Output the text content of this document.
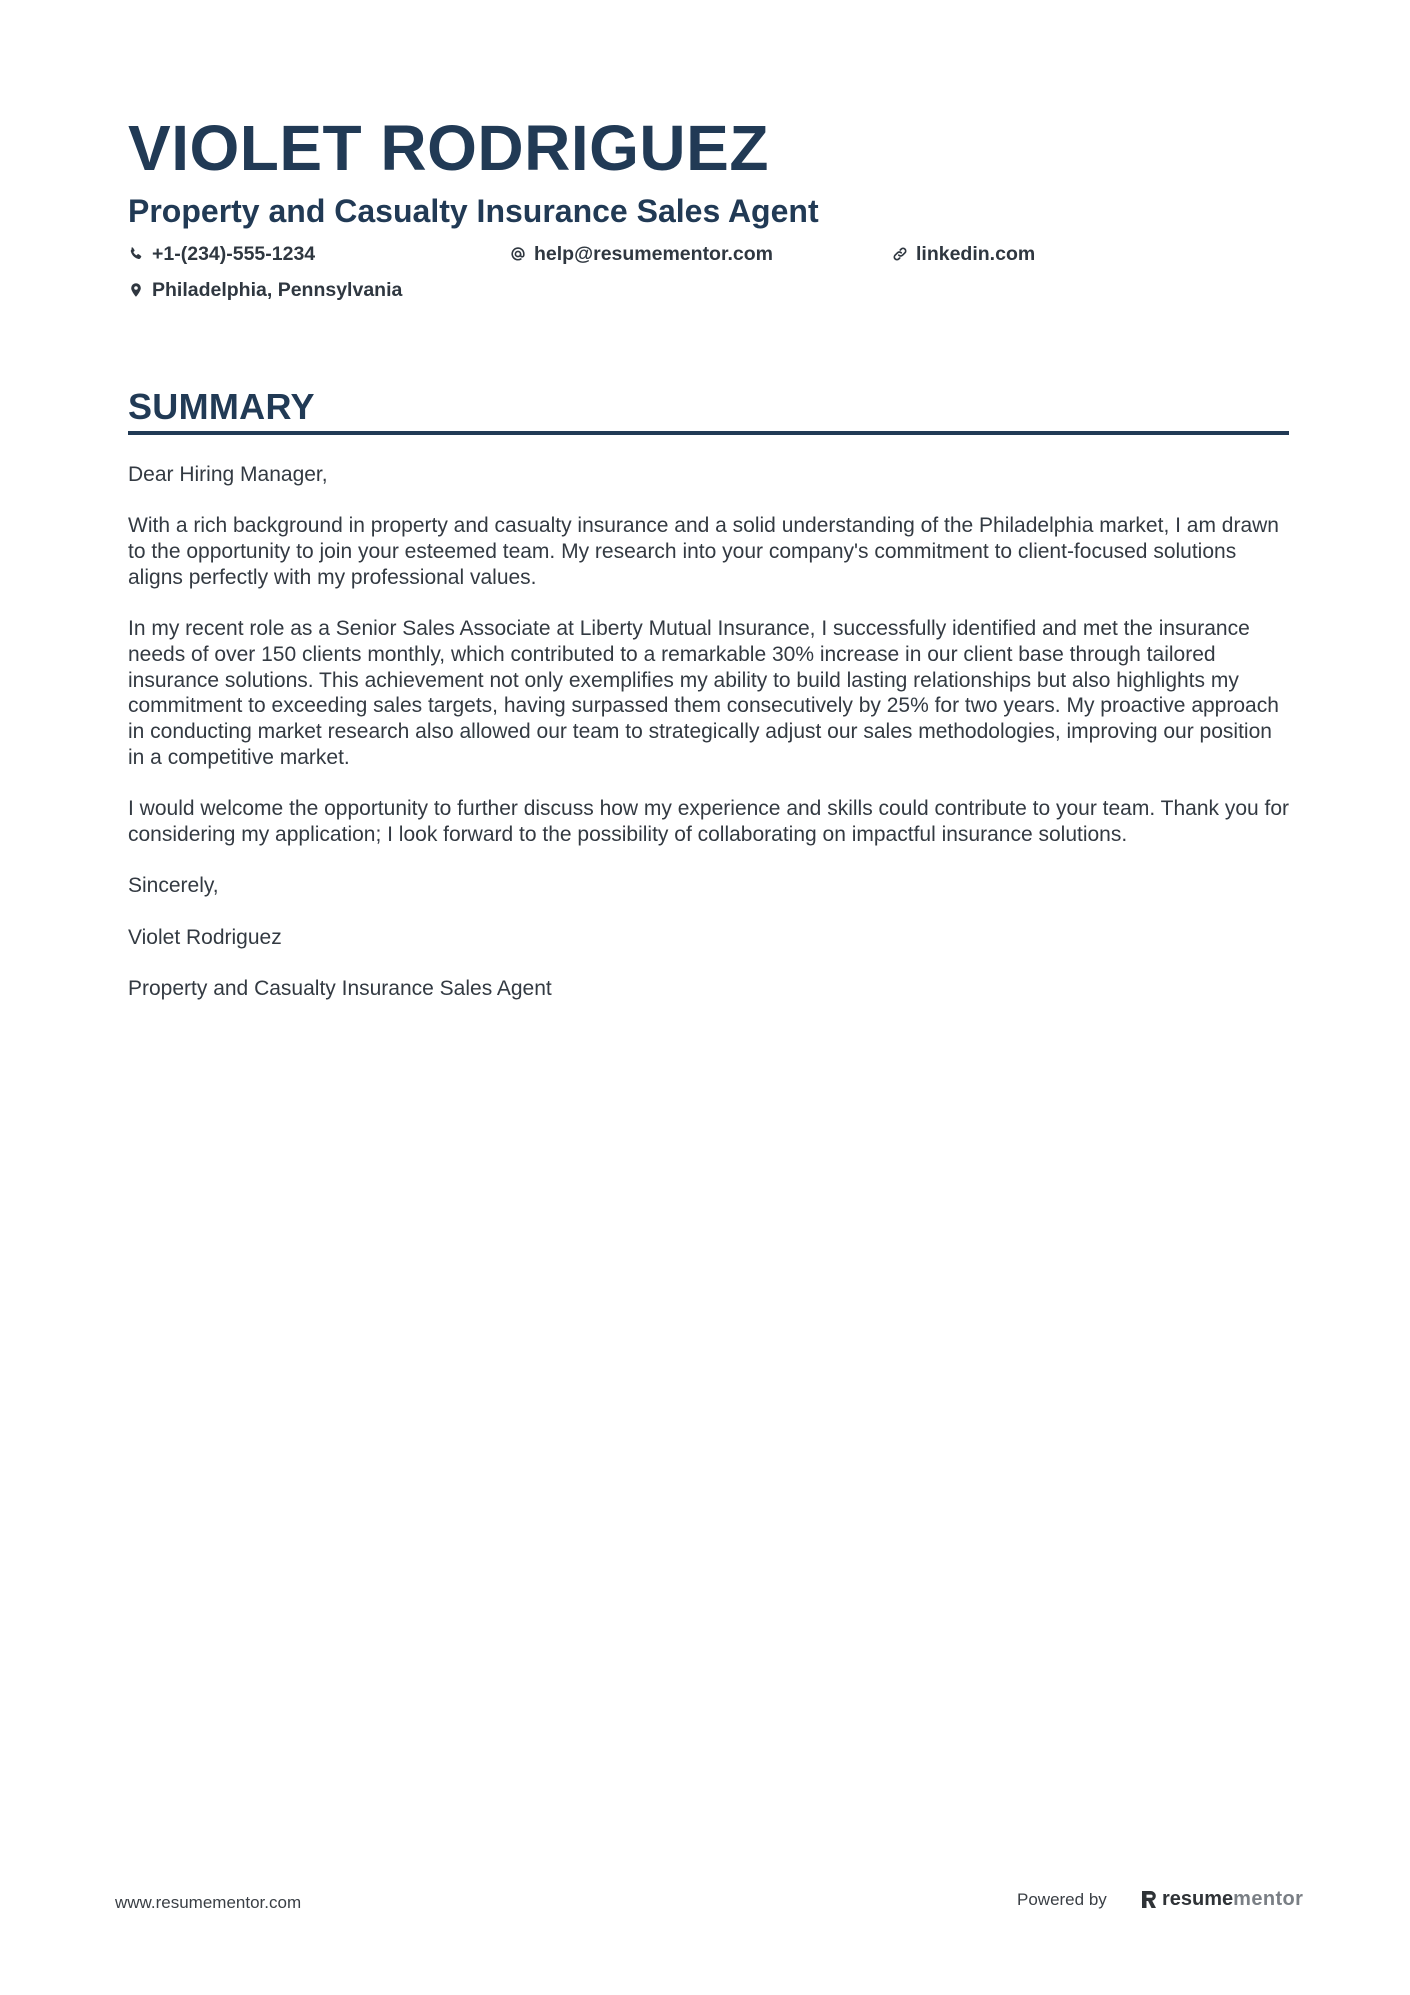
VIOLET RODRIGUEZ
Property and Casualty Insurance Sales Agent
+1-(234)-555-1234	help@resumementor.com	linkedin.com
Philadelphia, Pennsylvania
SUMMARY

Dear Hiring Manager,

With a rich background in property and casualty insurance and a solid understanding of the Philadelphia market, I am drawn to the opportunity to join your esteemed team. My research into your company's commitment to client-focused solutions aligns perfectly with my professional values.

In my recent role as a Senior Sales Associate at Liberty Mutual Insurance, I successfully identified and met the insurance needs of over 150 clients monthly, which contributed to a remarkable 30% increase in our client base through tailored insurance solutions. This achievement not only exemplifies my ability to build lasting relationships but also highlights my commitment to exceeding sales targets, having surpassed them consecutively by 25% for two years. My proactive approach in conducting market research also allowed our team to strategically adjust our sales methodologies, improving our position in a competitive market.

I would welcome the opportunity to further discuss how my experience and skills could contribute to your team. Thank you for considering my application; I look forward to the possibility of collaborating on impactful insurance solutions.

Sincerely,

Violet Rodriguez

Property and Casualty Insurance Sales Agent

www.resumementor.com	Powered by	resume mentor
